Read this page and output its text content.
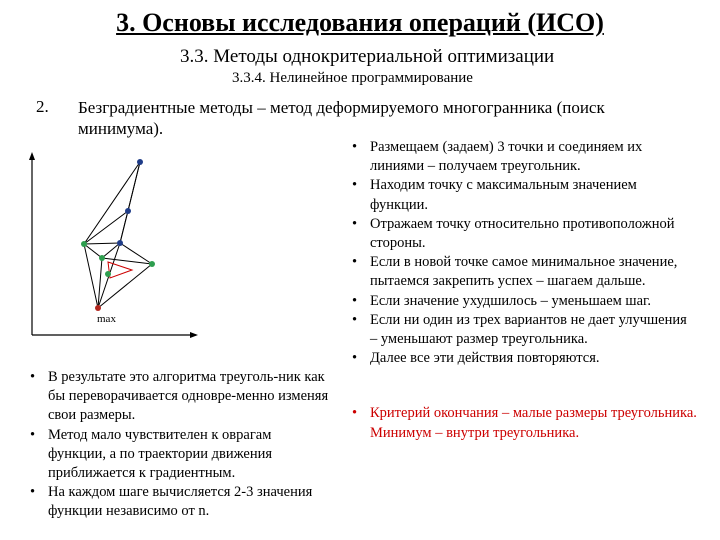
3. Основы исследования операций (ИСО)
3.3. Методы однокритериальной оптимизации
3.3.4. Нелинейное программирование
2. Безградиентные методы – метод деформируемого многогранника (поиск минимума).
max
• Размещаем (задаем) 3 точки и соединяем их линиями – получаем треугольник.
• Находим точку с максимальным значением функции.
• Отражаем точку относительно противоположной стороны.
• Если в новой точке самое минимальное значение, пытаемся закрепить успех – шагаем дальше.
• Если значение ухудшилось – уменьшаем шаг.
• Если ни один из трех вариантов не дает улучшения – уменьшают размер треугольника.
• Далее все эти действия повторяются.
• Критерий окончания – малые размеры треугольника. Минимум – внутри треугольника.
• В результате это алгоритма треуголь-ник как бы переворачивается одновре-менно изменяя свои размеры.
• Метод мало чувствителен к оврагам функции, а по траектории движения приближается к градиентным.
• На каждом шаге вычисляется 2-3 значения функции независимо от n.
